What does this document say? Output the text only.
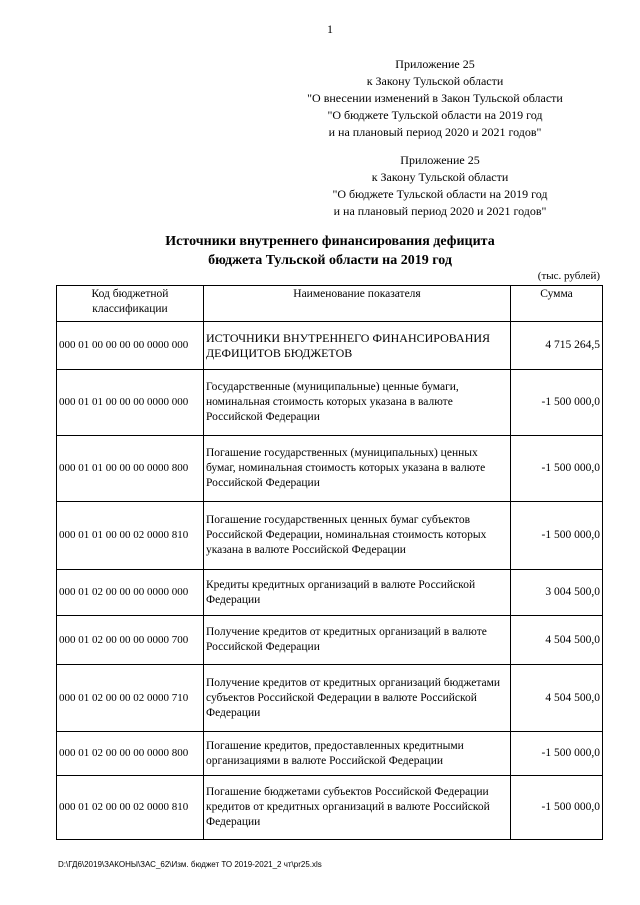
1
Приложение 25
к Закону Тульской области
"О внесении изменений в Закон Тульской области
"О бюджете Тульской области на 2019 год
и на плановый период 2020 и 2021 годов"
Приложение 25
к Закону Тульской области
"О бюджете Тульской области на 2019 год
и на плановый период 2020 и 2021 годов"
Источники внутреннего финансирования дефицита
бюджета Тульской области на 2019 год
(тыс. рублей)
Код бюджетной классификации	Наименование показателя	Сумма
000 01 00 00 00 00 0000 000	ИСТОЧНИКИ ВНУТРЕННЕГО ФИНАНСИРОВАНИЯ ДЕФИЦИТОВ БЮДЖЕТОВ	4 715 264,5
000 01 01 00 00 00 0000 000	Государственные (муниципальные) ценные бумаги, номинальная стоимость которых указана в валюте Российской Федерации	-1 500 000,0
000 01 01 00 00 00 0000 800	Погашение государственных (муниципальных) ценных бумаг, номинальная стоимость которых указана в валюте Российской Федерации	-1 500 000,0
000 01 01 00 00 02 0000 810	Погашение государственных ценных бумаг субъектов Российской Федерации, номинальная стоимость которых указана в валюте Российской Федерации	-1 500 000,0
000 01 02 00 00 00 0000 000	Кредиты кредитных организаций в валюте Российской Федерации	3 004 500,0
000 01 02 00 00 00 0000 700	Получение кредитов от кредитных организаций в валюте Российской Федерации	4 504 500,0
000 01 02 00 00 02 0000 710	Получение кредитов от кредитных организаций бюджетами субъектов Российской Федерации в валюте Российской Федерации	4 504 500,0
000 01 02 00 00 00 0000 800	Погашение кредитов, предоставленных кредитными организациями в валюте Российской Федерации	-1 500 000,0
000 01 02 00 00 02 0000 810	Погашение бюджетами субъектов Российской Федерации кредитов от кредитных организаций в валюте Российской Федерации	-1 500 000,0
D:\ГД6\2019\ЗАКОНЫ\ЗАС_62\Изм. бюджет ТО 2019-2021_2 чт\pr25.xls
